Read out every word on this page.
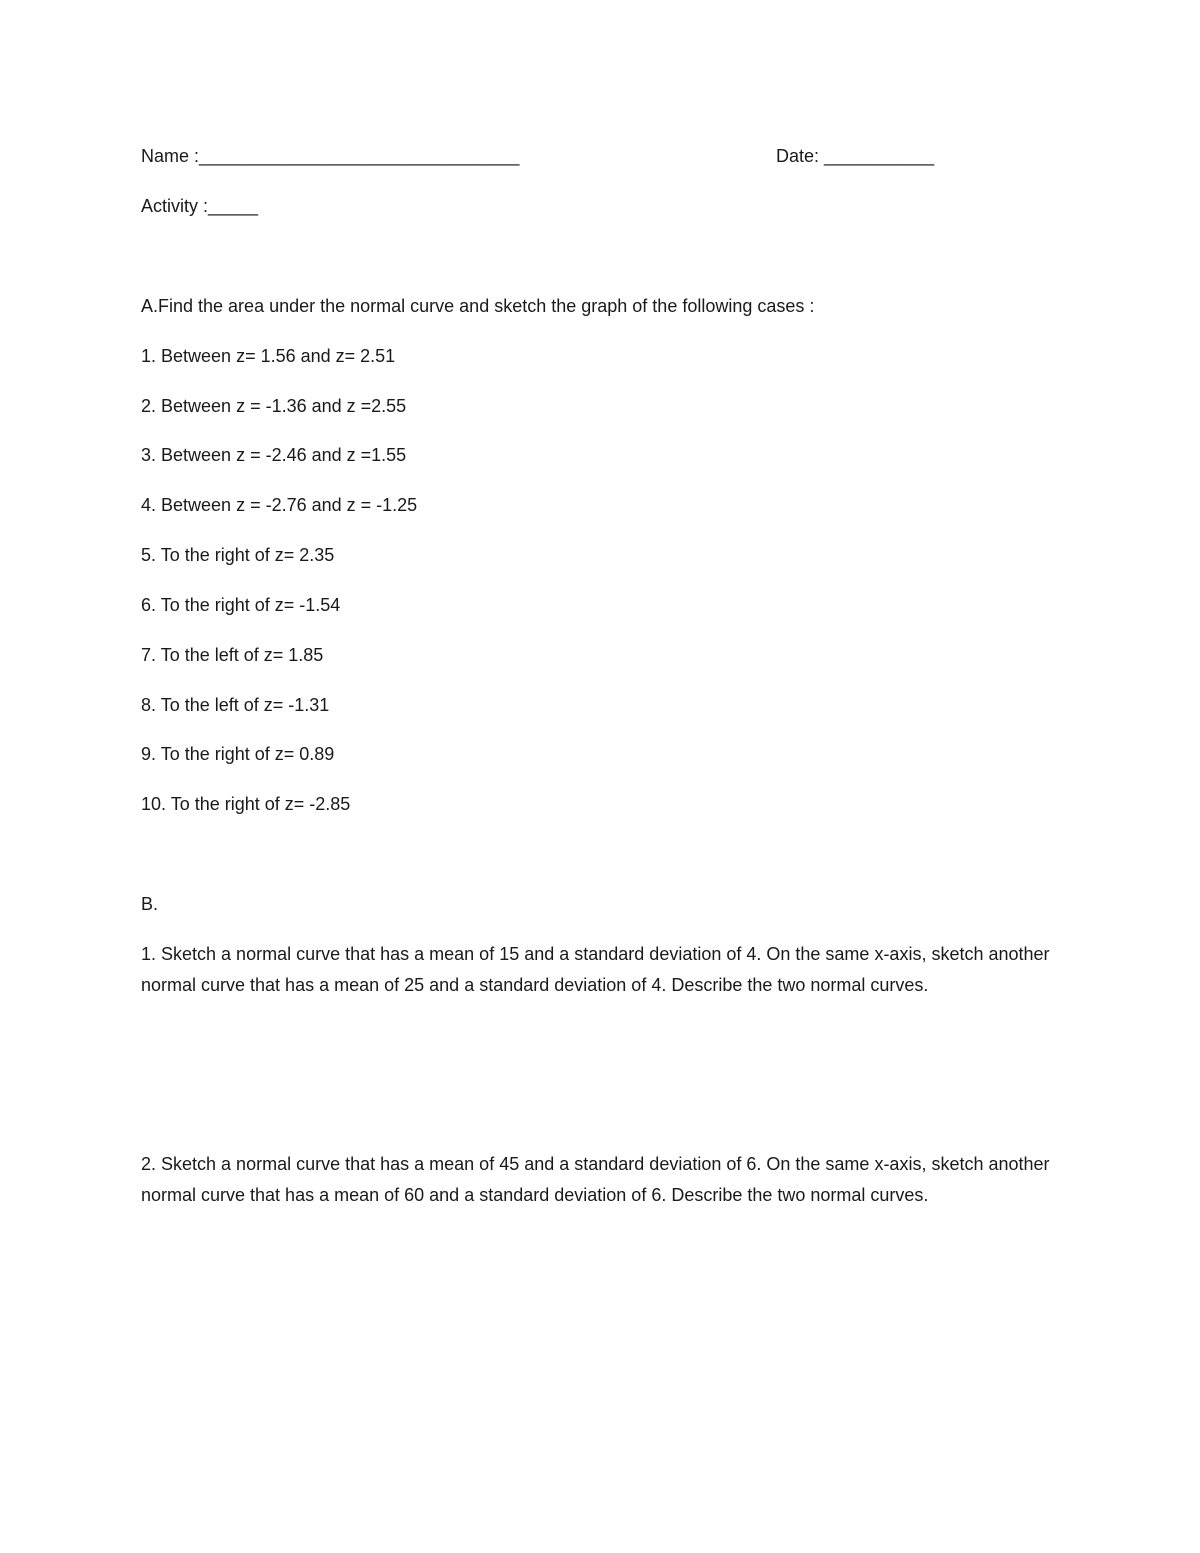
Name :________________________________	Date: ___________
Activity :_____
A.Find the area under the normal curve and sketch the graph of the following cases :
1. Between z= 1.56 and z= 2.51
2. Between z = -1.36 and z =2.55
3. Between z = -2.46 and z =1.55
4. Between z = -2.76 and z = -1.25
5. To the right of z= 2.35
6. To the right of z= -1.54
7. To the left of z= 1.85
8. To the left of z= -1.31
9. To the right of z= 0.89
10. To the right of z= -2.85
B.
1. Sketch a normal curve that has a mean of 15 and a standard deviation of 4. On the same x-axis, sketch another normal curve that has a mean of 25 and a standard deviation of 4. Describe the two normal curves.
2. Sketch a normal curve that has a mean of 45 and a standard deviation of 6. On the same x-axis, sketch another normal curve that has a mean of 60 and a standard deviation of 6. Describe the two normal curves.
